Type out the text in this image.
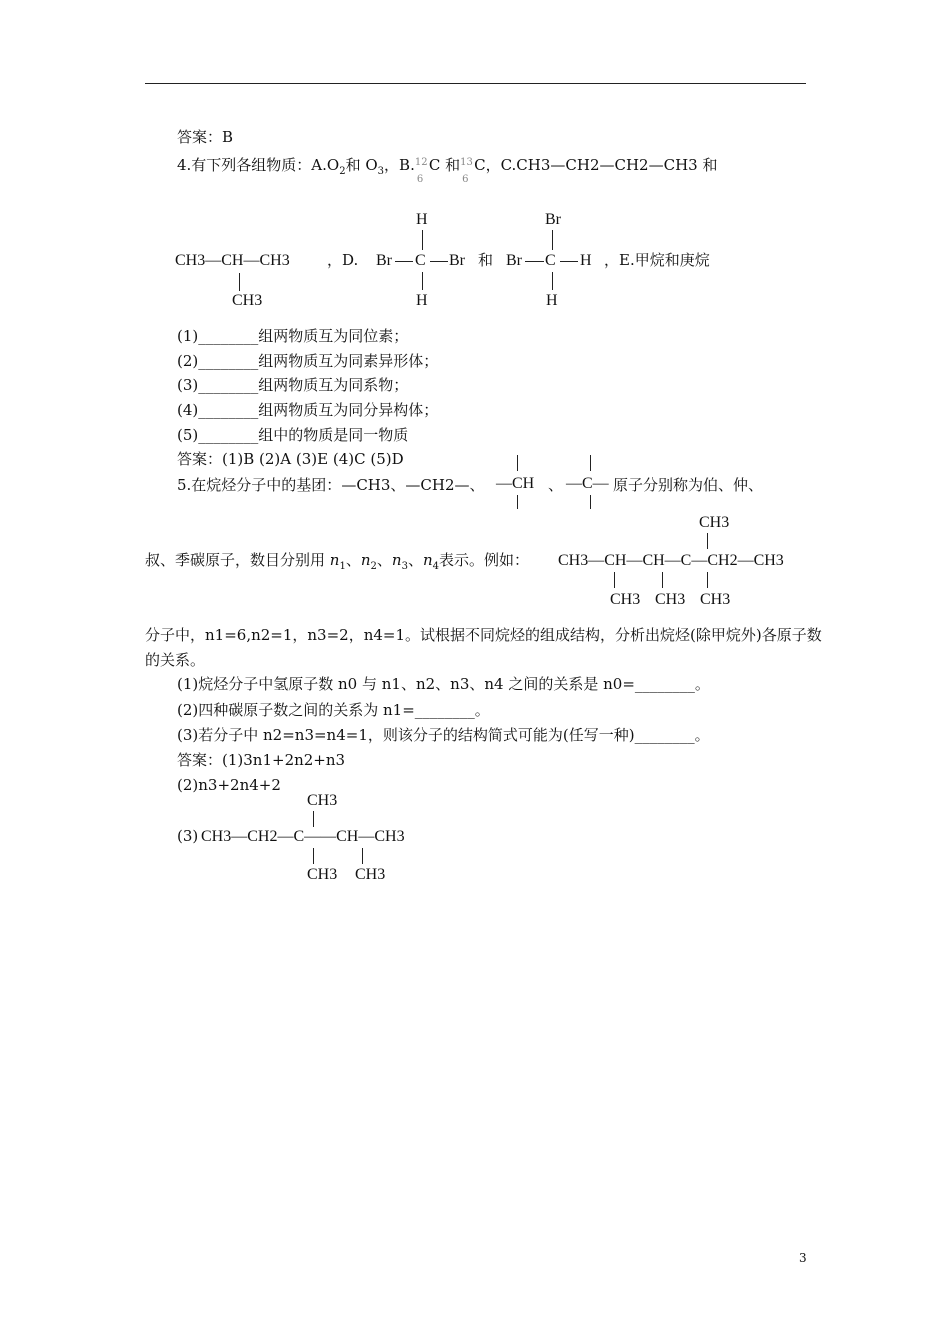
答案：B
4.有下列各组物质：$A.O_2$和 $O_3$，B. 12
6
C 和 13
6
C，C.CH3—CH2—CH2—CH3 和
CH3—CH—CH3
CH3
，D.
H
Br C Br
H
和
Br
Br C H
H
，E.甲烷和庚烷
(1)________组两物质互为同位素；
(2)________组两物质互为同素异形体；
(3)________组两物质互为同系物；
(4)________组两物质互为同分异构体；
(5)________组中的物质是同一物质
答案：(1)B (2)A (3)E (4)C (5)D
5.在烷烃分子中的基团：—CH3、—CH2—、 —CH 、 —C— 原子分别称为伯、仲、
CH3
叔、季碳原子，数目分别用 $n_1$、$n_2$、$n_3$、$n_4$表示。例如： CH3—CH—CH—C—CH2—CH3
CH3 CH3 CH3
分子中，n1=6,n2=1，n3=2，n4=1。试根据不同烷烃的组成结构，分析出烷烃(除甲烷外)各原子数
的关系。
(1)烷烃分子中氢原子数 n0 与 n1、n2、n3、n4 之间的关系是 n0=________。
(2)四种碳原子数之间的关系为 n1=________。
(3)若分子中 n2=n3=n4=1，则该分子的结构简式可能为(任写一种)________。
答案：(1)3n1+2n2+n3
(2)n3+2n4+2
CH3
(3) CH3—CH2—C——CH—CH3
CH3 CH3
3
